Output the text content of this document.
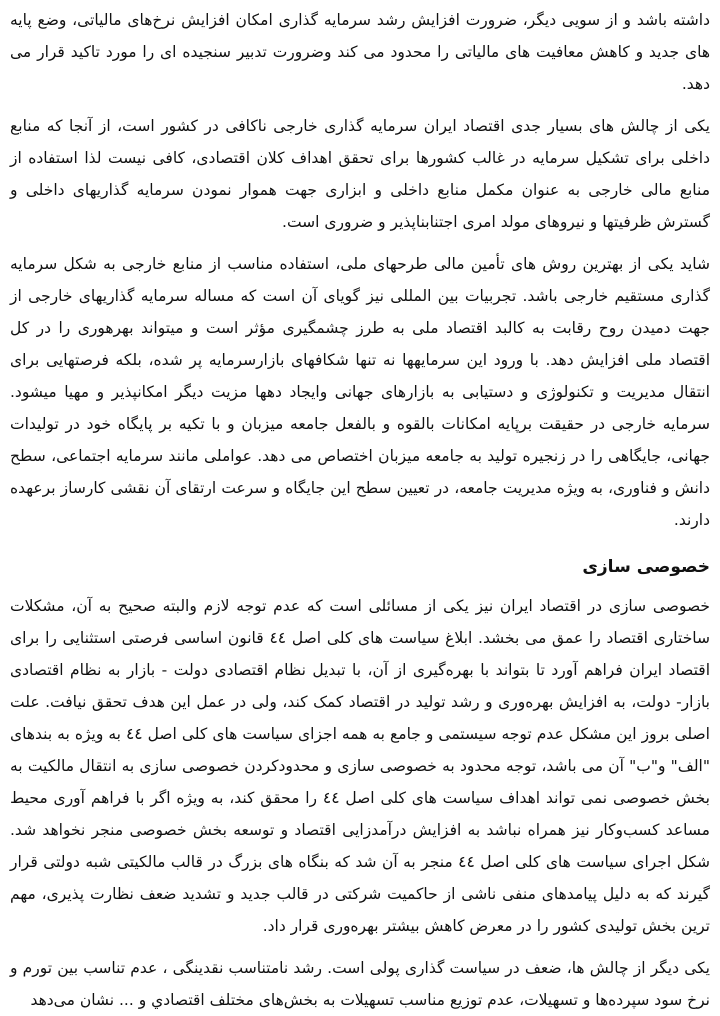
داشته باشد و از سویی دیگر، ضرورت افزایش رشد سرمایه گذاری امکان افزایش نرخ‌های مالیاتی، وضع پایه های جدید و کاهش معافیت های مالیاتی را محدود می کند وضرورت تدبیر سنجیده ای را مورد تاکید قرار می دهد.

یکی از چالش های بسیار جدی اقتصاد ایران سرمایه گذاری خارجی ناکافی در کشور است، از آنجا که منابع داخلی برای تشکیل سرمایه در غالب کشورها برای تحقق اهداف کلان اقتصادی، کافی نیست لذا استفاده از منابع مالی خارجی به عنوان مکمل منابع داخلی و ابزاری جهت هموار نمودن سرمایه گذاریهای داخلی و گسترش ظرفیتها و نیروهای مولد امری اجتنابناپذیر و ضروری است.

شاید یکی از بهترین روش های تأمین مالی طرحهای ملی، استفاده مناسب از منابع خارجی به شکل سرمایه گذاری مستقیم خارجی باشد. تجربیات بین المللی نیز گویای آن است که مساله سرمایه گذاریهای خارجی از جهت دمیدن روح رقابت به کالبد اقتصاد ملی به طرز چشمگیری مؤثر است و میتواند بهرهوری را در کل اقتصاد ملی افزایش دهد. با ورود این سرمایهها نه تنها شکافهای بازارسرمایه پر شده، بلکه فرصتهایی برای انتقال مدیریت و تکنولوژی و دستیابی به بازارهای جهانی وایجاد دهها مزیت دیگر امکانپذیر و مهیا میشود. سرمایه خارجی در حقیقت برپایه امکانات بالقوه و بالفعل جامعه میزبان و با تکیه بر پایگاه خود در تولیدات جهانی، جایگاهی را در زنجیره تولید به جامعه میزبان اختصاص می دهد. عواملی مانند سرمایه اجتماعی، سطح دانش و فناوری، به ویژه مدیریت جامعه، در تعیین سطح این جایگاه و سرعت ارتقای آن نقشی کارساز برعهده دارند.

خصوصی سازی

خصوصی سازی در اقتصاد ایران نیز یکی از مسائلی است که عدم توجه لازم والبته صحیح به آن، مشکلات ساختاری اقتصاد را عمق می بخشد. ابلاغ سیاست های کلی اصل ٤٤ قانون اساسی فرصتی استثنایی را برای اقتصاد ایران فراهم آورد تا بتواند با بهره‌گیری از آن، با تبدیل نظام اقتصادی دولت - بازار به نظام اقتصادی بازار- دولت، به افزایش بهره‌وری و رشد تولید در اقتصاد کمک کند، ولی در عمل این هدف تحقق نیافت. علت اصلی بروز این مشکل عدم توجه سیستمی و جامع به همه اجزای سیاست های کلی اصل ٤٤ به ویژه به بندهای "الف" و"ب" آن می باشد، توجه محدود به خصوصی سازی و محدودکردن خصوصی سازی به انتقال مالکیت به بخش خصوصی نمی تواند اهداف سیاست های کلی اصل ٤٤ را محقق کند، به ویژه اگر با فراهم آوری محیط مساعد کسب‌وکار نیز همراه نباشد به افزایش درآمدزایی اقتصاد و توسعه بخش خصوصی منجر نخواهد شد. شکل اجرای سیاست های کلی اصل ٤٤ منجر به آن شد که بنگاه های بزرگ در قالب مالکیتی شبه دولتی قرار گیرند که به دلیل پیامدهای منفی ناشی از حاکمیت شرکتی در قالب جدید و تشدید ضعف نظارت پذیری، مهم ترین بخش تولیدی کشور را در معرض کاهش بیشتر بهره‌وری قرار داد.

یکی دیگر از چالش ها، ضعف در سیاست گذاری پولی است. رشد نامتناسب نقدینگی ، عدم تناسب بین تورم و نرخ سود سپرده‌ها و تسهیلات، عدم توزیع مناسب تسهیلات به بخش‌های مختلف اقتصادي و ... نشان می‌دهد
